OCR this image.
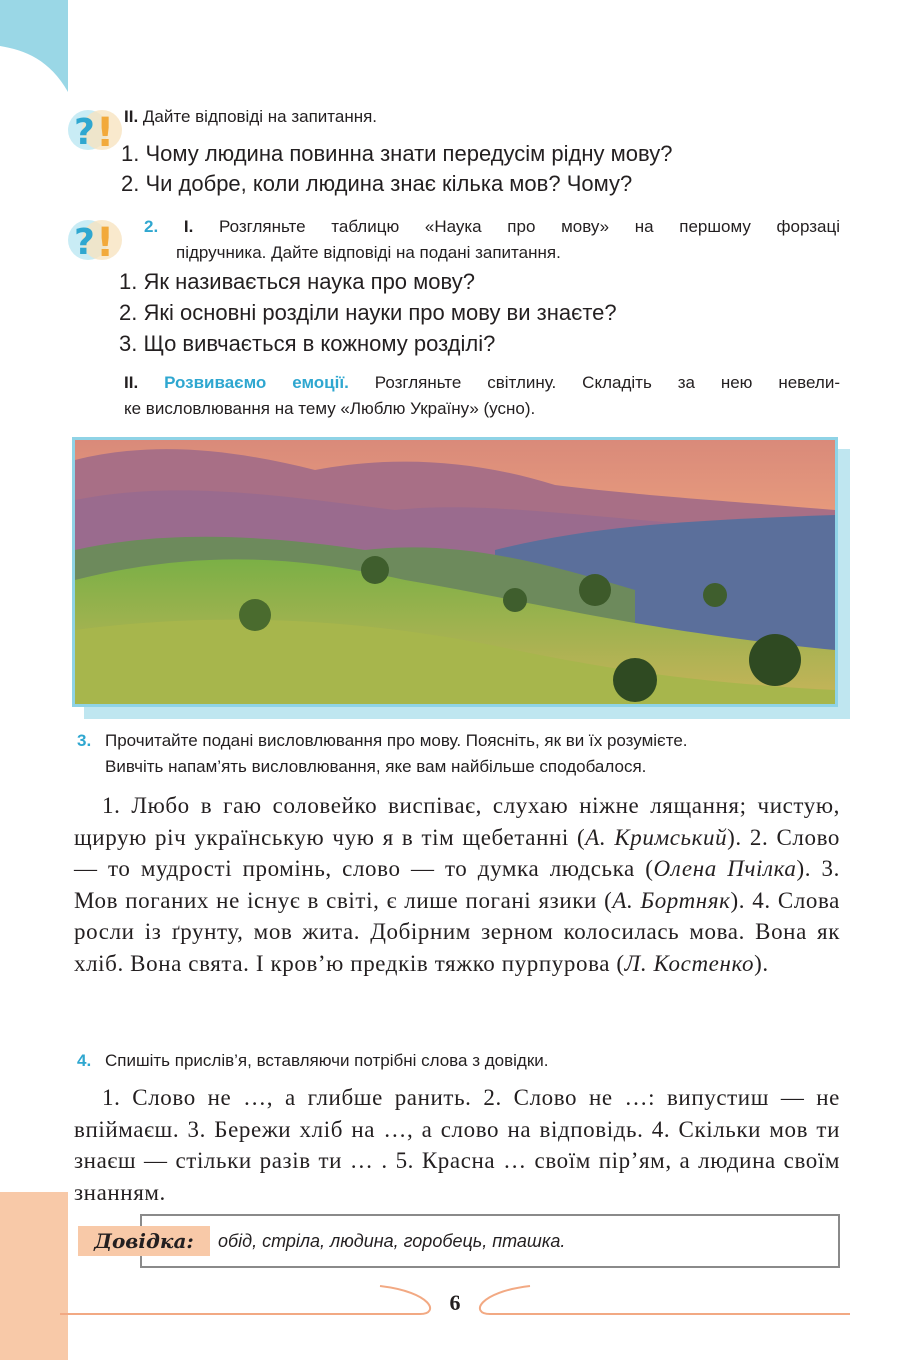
? ! II. Дайте відповіді на запитання.
1. Чому людина повинна знати передусім рідну мову?
2. Чи добре, коли людина знає кілька мов? Чому?
? ! 2. I. Розгляньте таблицю «Наука про мову» на першому форзаці
підручника. Дайте відповіді на подані запитання.
1. Як називається наука про мову?
2. Які основні розділи науки про мову ви знаєте?
3. Що вивчається в кожному розділі?
II. Розвиваємо емоції. Розгляньте світлину. Складіть за нею невели-
ке висловлювання на тему «Люблю Україну» (усно).
3. Прочитайте подані висловлювання про мову. Поясніть, як ви їх розумієте.
Вивчіть напам’ять висловлювання, яке вам найбільше сподобалося.

1. Любо в гаю соловейко виспіває, слухаю ніжне лящання; чистую, щирую річ українськую чую я в тім щебетанні (А. Кримський). 2. Слово — то мудрості промінь, слово — то думка людська (Олена Пчілка). 3. Мов поганих не існує в світі, є лише погані язики (А. Бортняк). 4. Слова росли із ґрунту, мов жита. Добірним зерном колосилась мова. Вона як хліб. Вона свята. І кров’ю предків тяжко пурпурова (Л. Костенко).

4. Спишіть прислів’я, вставляючи потрібні слова з довідки.

1. Слово не …, а глибше ранить. 2. Слово не …: випустиш — не впіймаєш. 3. Бережи хліб на …, а слово на відповідь. 4. Скільки мов ти знаєш — стільки разів ти … . 5. Красна … своїм пір’ям, а людина своїм знанням.

Довідка:	обід, стріла, людина, горобець, пташка.
6
